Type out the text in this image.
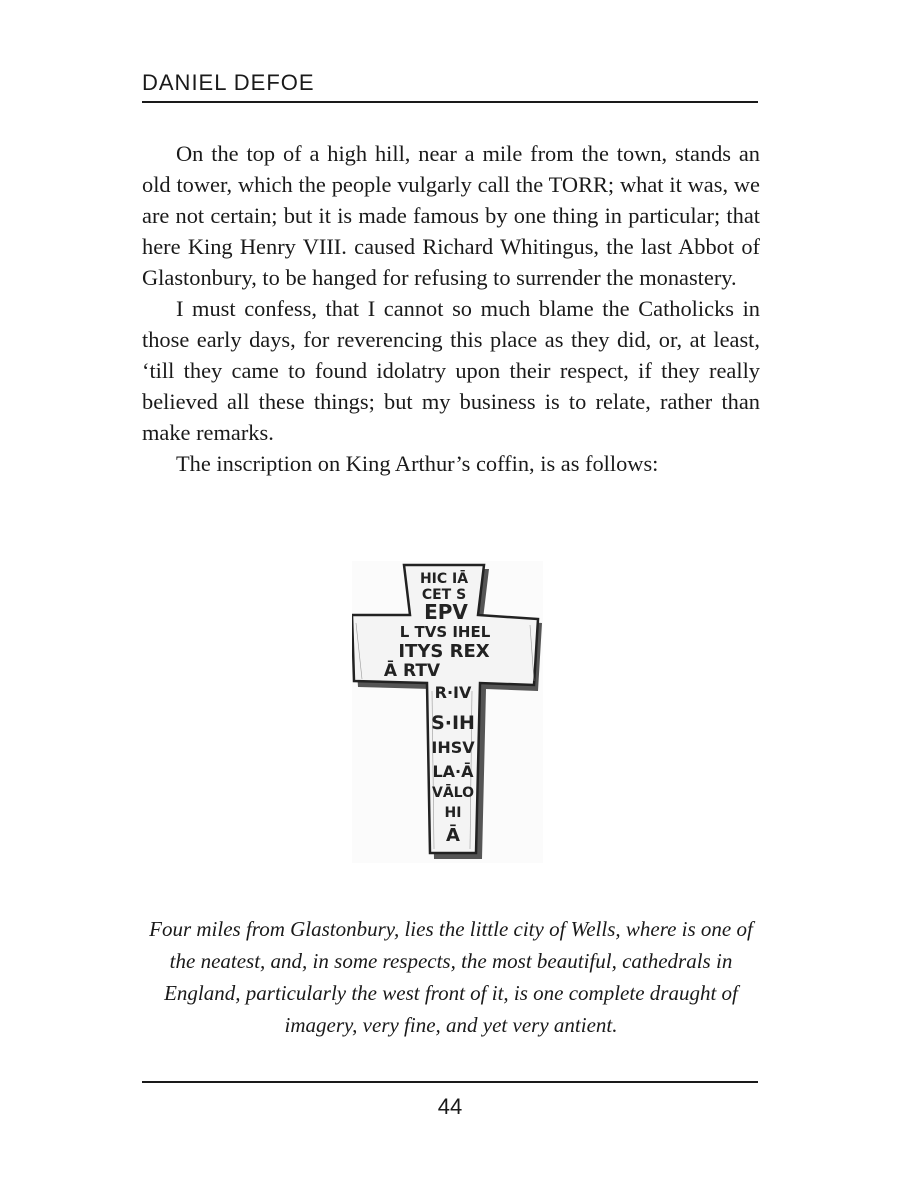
DANIEL DEFOE

On the top of a high hill, near a mile from the town, stands an old tower, which the people vulgarly call the TORR; what it was, we are not certain; but it is made famous by one thing in particular; that here King Henry VIII. caused Richard Whitingus, the last Abbot of Glastonbury, to be hanged for refusing to surrender the monastery.

I must confess, that I cannot so much blame the Catholicks in those early days, for reverencing this place as they did, or, at least, ‘till they came to found idolatry upon their respect, if they really believed all these things; but my business is to relate, rather than make remarks.

The inscription on King Arthur’s coffin, is as follows:

HIC IĀ
CET S
EPV
L TVS IHEL
ITYS REX
Ā RTV
R·IV
S·IH
IHSV
LA·Ā
VĀLO
HI
Ā
Four miles from Glastonbury, lies the little city of Wells, where is one of the neatest, and, in some respects, the most beautiful, cathedrals in England, particularly the west front of it, is one complete draught of imagery, very fine, and yet very antient.
44
